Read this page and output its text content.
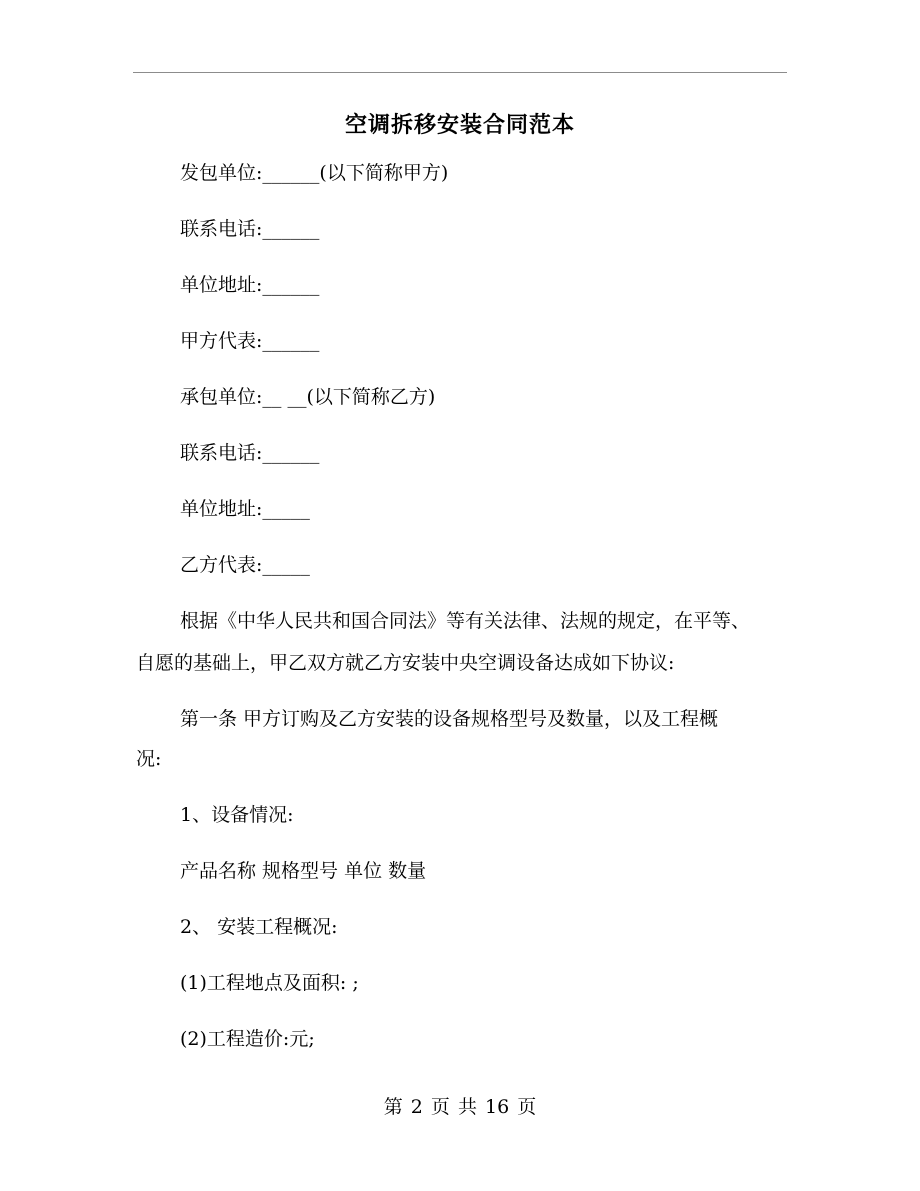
空调拆移安装合同范本
发包单位:______(以下简称甲方)
联系电话:______
单位地址:______
甲方代表:______
承包单位:__ __(以下简称乙方)
联系电话:______
单位地址:_____
乙方代表:_____
根据《中华人民共和国合同法》等有关法律、法规的规定，在平等、
自愿的基础上，甲乙双方就乙方安装中央空调设备达成如下协议:
第一条 甲方订购及乙方安装的设备规格型号及数量，以及工程概
况:
1、设备情况:
产品名称 规格型号 单位 数量
2、 安装工程概况:
(1)工程地点及面积: ;
(2)工程造价:元;
第 2 页 共 16 页
